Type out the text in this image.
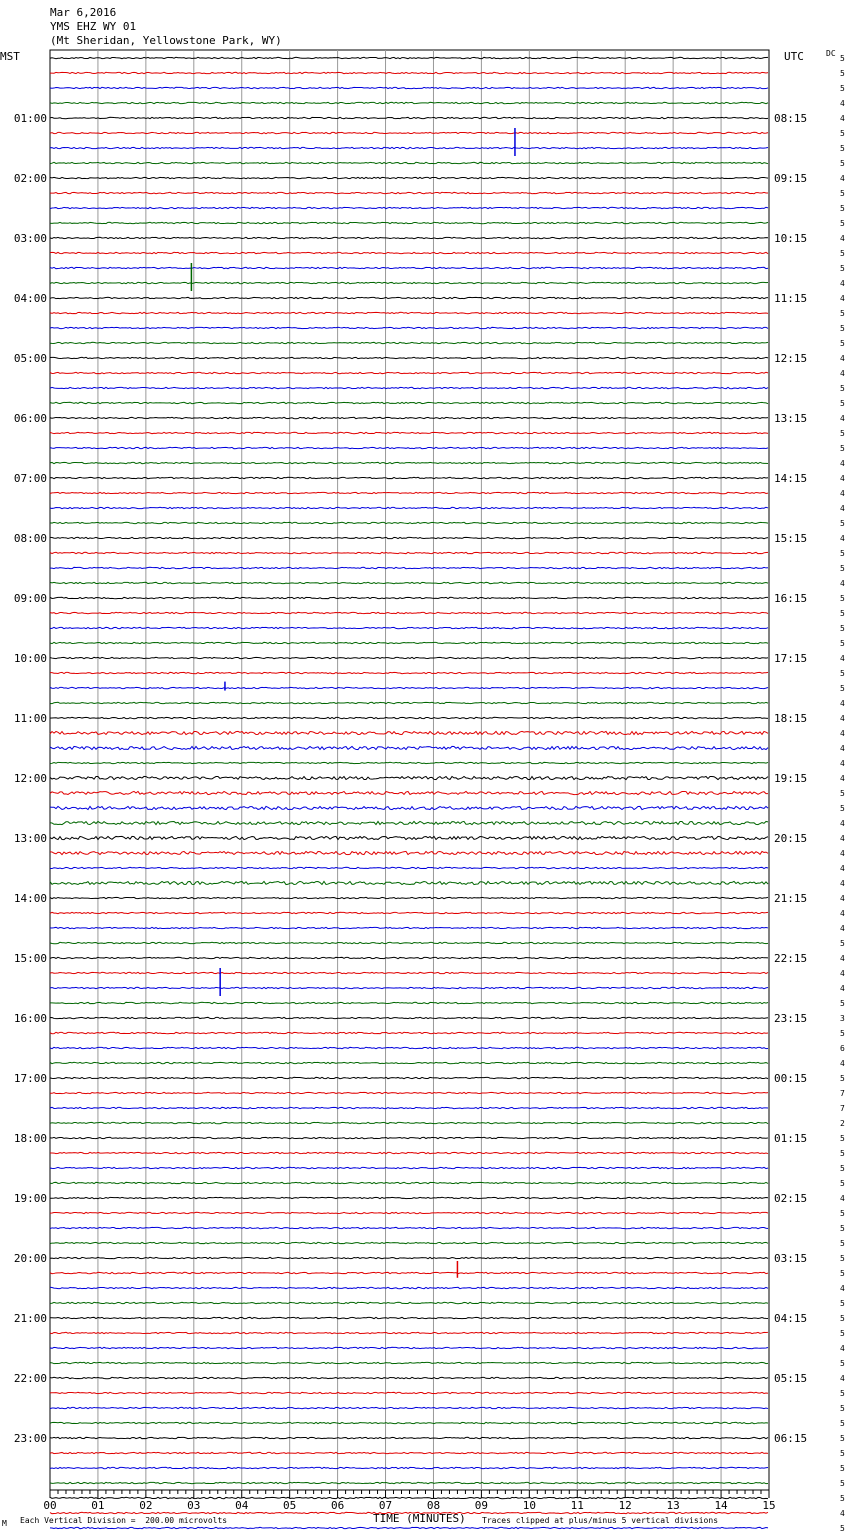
Mar 6,2016
YMS EHZ WY 01
(Mt Sheridan, Yellowstone Park, WY)
MST	UTC	DC
TIME (MINUTES)
Each Vertical Division =  200.00 microvolts	Traces clipped at plus/minus 5 vertical divisions
M
5
5
5
4
4
5
5
5
4
5
5
5
4
5
5
4
4
5
5
5
4
4
5
5
4
5
5
4
4
4
4
5
4
5
5
4
5
5
5
5
4
5
5
4
4
4
4
4
4
5
5
4
4
4
4
4
4
4
4
5
4
4
4
5
3
5
6
4
5
7
7
2
5
5
5
5
4
5
5
5
5
5
4
5
5
5
4
5
4
5
5
5
5
5
5
5
5
4
5
01:00	08:15
02:00	09:15
03:00	10:15
04:00	11:15
05:00	12:15
06:00	13:15
07:00	14:15
08:00	15:15
09:00	16:15
10:00	17:15
11:00	18:15
12:00	19:15
13:00	20:15
14:00	21:15
15:00	22:15
16:00	23:15
17:00	00:15
18:00	01:15
19:00	02:15
20:00	03:15
21:00	04:15
22:00	05:15
23:00	06:15
00	01	02	03	04	05	06	07	08	09	10	11	12	13	14	15
